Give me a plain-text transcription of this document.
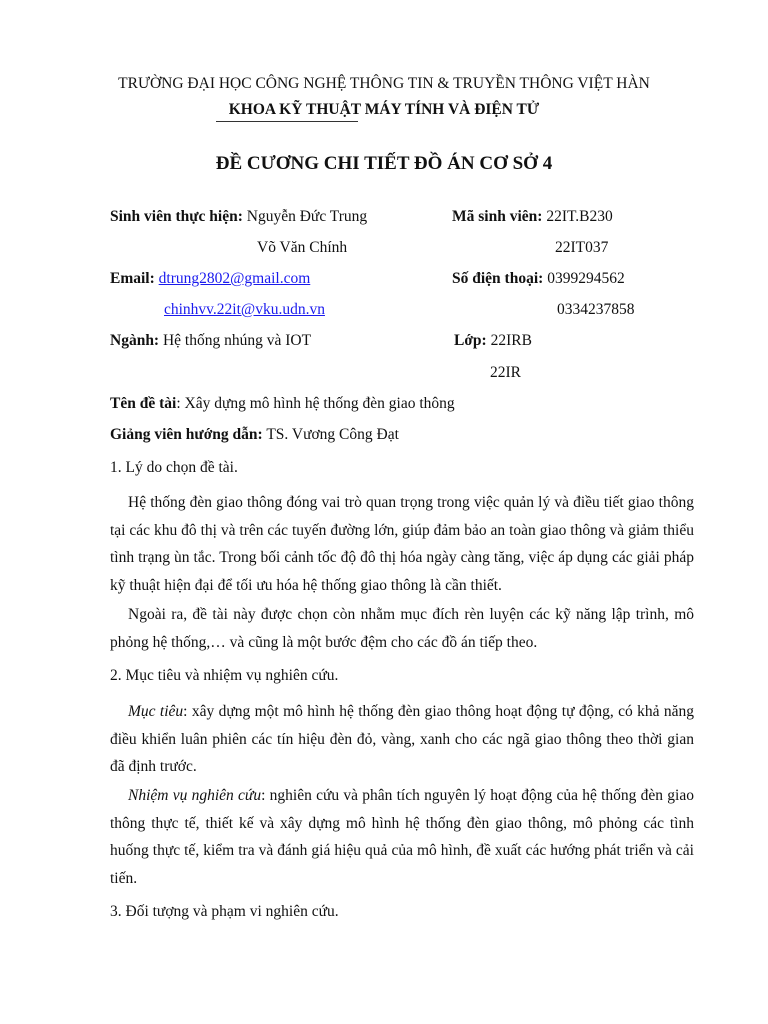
TRƯỜNG ĐẠI HỌC CÔNG NGHỆ THÔNG TIN & TRUYỀN THÔNG VIỆT HÀN
KHOA KỸ THUẬT MÁY TÍNH VÀ ĐIỆN TỬ
ĐỀ CƯƠNG CHI TIẾT ĐỒ ÁN CƠ SỞ 4
Sinh viên thực hiện: Nguyễn Đức Trung
Võ Văn Chính
Mã sinh viên: 22IT.B230
22IT037
Email: dtrung2802@gmail.com
chinhvv.22it@vku.udn.vn
Số điện thoại: 0399294562
0334237858
Ngành: Hệ thống nhúng và IOT	Lớp: 22IRB
22IR
Tên đề tài: Xây dựng mô hình hệ thống đèn giao thông
Giảng viên hướng dẫn: TS. Vương Công Đạt
1. Lý do chọn đề tài.
Hệ thống đèn giao thông đóng vai trò quan trọng trong việc quản lý và điều tiết giao thông tại các khu đô thị và trên các tuyến đường lớn, giúp đảm bảo an toàn giao thông và giảm thiểu tình trạng ùn tắc. Trong bối cảnh tốc độ đô thị hóa ngày càng tăng, việc áp dụng các giải pháp kỹ thuật hiện đại để tối ưu hóa hệ thống giao thông là cần thiết.
Ngoài ra, đề tài này được chọn còn nhằm mục đích rèn luyện các kỹ năng lập trình, mô phỏng hệ thống,… và cũng là một bước đệm cho các đồ án tiếp theo.
2. Mục tiêu và nhiệm vụ nghiên cứu.
Mục tiêu: xây dựng một mô hình hệ thống đèn giao thông hoạt động tự động, có khả năng điều khiển luân phiên các tín hiệu đèn đỏ, vàng, xanh cho các ngã giao thông theo thời gian đã định trước.
Nhiệm vụ nghiên cứu: nghiên cứu và phân tích nguyên lý hoạt động của hệ thống đèn giao thông thực tế, thiết kế và xây dựng mô hình hệ thống đèn giao thông, mô phỏng các tình huống thực tế, kiểm tra và đánh giá hiệu quả của mô hình, đề xuất các hướng phát triển và cải tiến.
3. Đối tượng và phạm vi nghiên cứu.
